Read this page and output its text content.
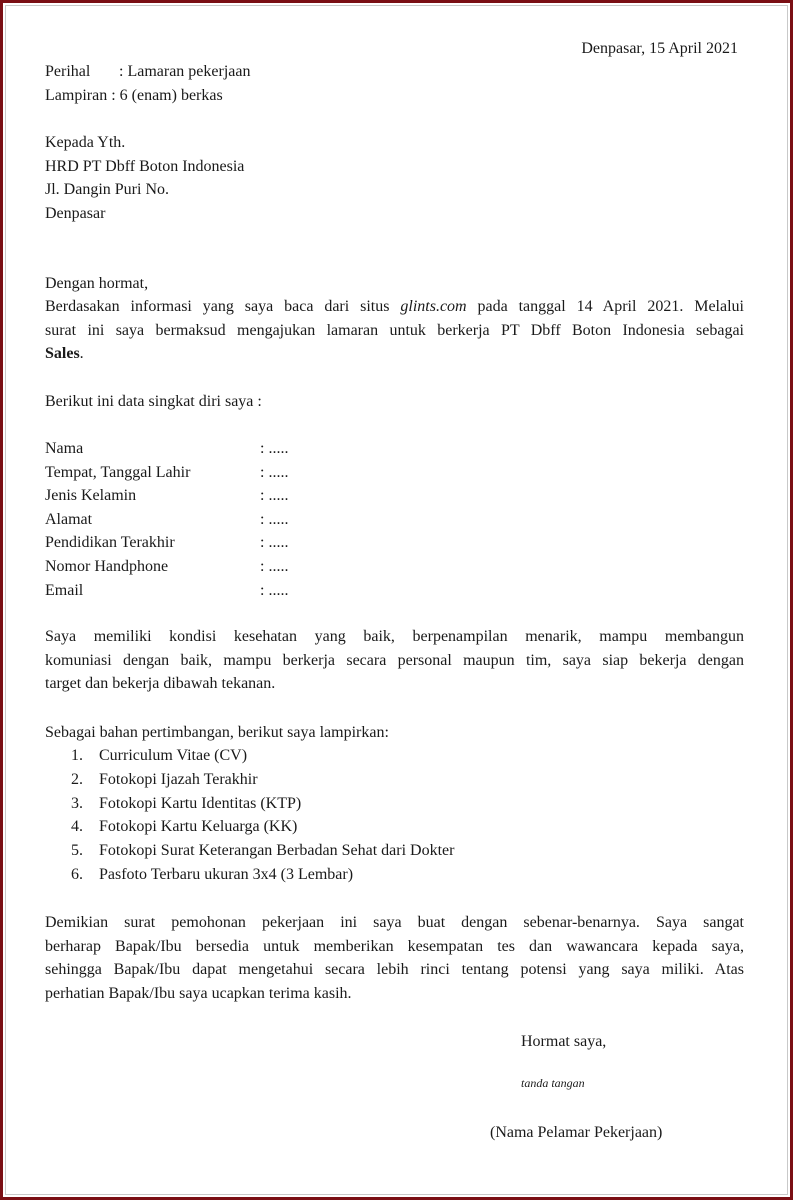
Denpasar, 15 April 2021
Perihal	: Lamaran pekerjaan
Lampiran : 6 (enam) berkas
Kepada Yth.
HRD PT Dbff Boton Indonesia
Jl. Dangin Puri No.
Denpasar
Dengan hormat,
Berdasakan informasi yang saya baca dari situs glints.com pada tanggal 14 April 2021. Melalui
surat ini saya bermaksud mengajukan lamaran untuk berkerja PT Dbff Boton Indonesia sebagai
Sales.
Berikut ini data singkat diri saya :
Nama	: .....
Tempat, Tanggal Lahir	: .....
Jenis Kelamin	: .....
Alamat	: .....
Pendidikan Terakhir	: .....
Nomor Handphone	: .....
Email	: .....
Saya memiliki kondisi kesehatan yang baik, berpenampilan menarik, mampu membangun
komuniasi dengan baik, mampu berkerja secara personal maupun tim, saya siap bekerja dengan
target dan bekerja dibawah tekanan.
Sebagai bahan pertimbangan, berikut saya lampirkan:
1.	Curriculum Vitae (CV)
2.	Fotokopi Ijazah Terakhir
3.	Fotokopi Kartu Identitas (KTP)
4.	Fotokopi Kartu Keluarga (KK)
5.	Fotokopi Surat Keterangan Berbadan Sehat dari Dokter
6.	Pasfoto Terbaru ukuran 3x4 (3 Lembar)
Demikian surat pemohonan pekerjaan ini saya buat dengan sebenar-benarnya. Saya sangat
berharap Bapak/Ibu bersedia untuk memberikan kesempatan tes dan wawancara kepada saya,
sehingga Bapak/Ibu dapat mengetahui secara lebih rinci tentang potensi yang saya miliki. Atas
perhatian Bapak/Ibu saya ucapkan terima kasih.
Hormat saya,
tanda tangan
(Nama Pelamar Pekerjaan)
